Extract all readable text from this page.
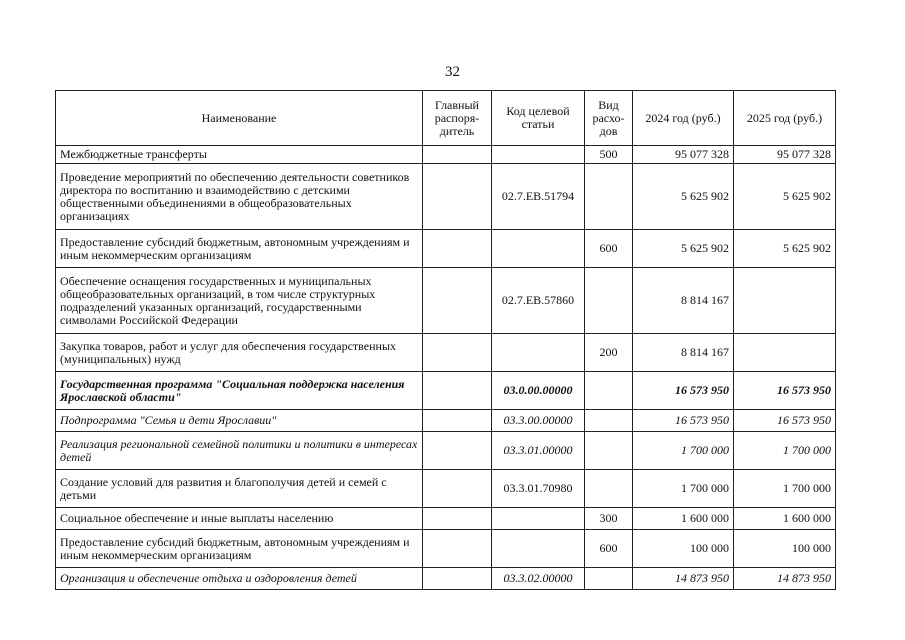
32
Наименование	Главный распоря-дитель	Код целевой статьи	Вид расхо-дов	2024 год (руб.)	2025 год (руб.)
Межбюджетные трансферты			500	95 077 328	95 077 328
Проведение мероприятий по обеспечению деятельности советников директора по воспитанию и взаимодействию с детскими общественными объединениями в общеобразовательных организациях		02.7.ЕВ.51794		5 625 902	5 625 902
Предоставление субсидий бюджетным, автономным учреждениям и иным некоммерческим организациям			600	5 625 902	5 625 902
Обеспечение оснащения государственных и муниципальных общеобразовательных организаций, в том числе структурных подразделений указанных организаций, государственными символами Российской Федерации		02.7.ЕВ.57860		8 814 167	
Закупка товаров, работ и услуг для обеспечения государственных (муниципальных) нужд			200	8 814 167	
Государственная программа "Социальная поддержка населения Ярославской области"		03.0.00.00000		16 573 950	16 573 950
Подпрограмма "Семья и дети Ярославии"		03.3.00.00000		16 573 950	16 573 950
Реализация региональной семейной политики и политики в интересах детей		03.3.01.00000		1 700 000	1 700 000
Создание условий для развития и благополучия детей и семей с детьми		03.3.01.70980		1 700 000	1 700 000
Социальное обеспечение и иные выплаты населению			300	1 600 000	1 600 000
Предоставление субсидий бюджетным, автономным учреждениям и иным некоммерческим организациям			600	100 000	100 000
Организация и обеспечение отдыха и оздоровления детей		03.3.02.00000		14 873 950	14 873 950
